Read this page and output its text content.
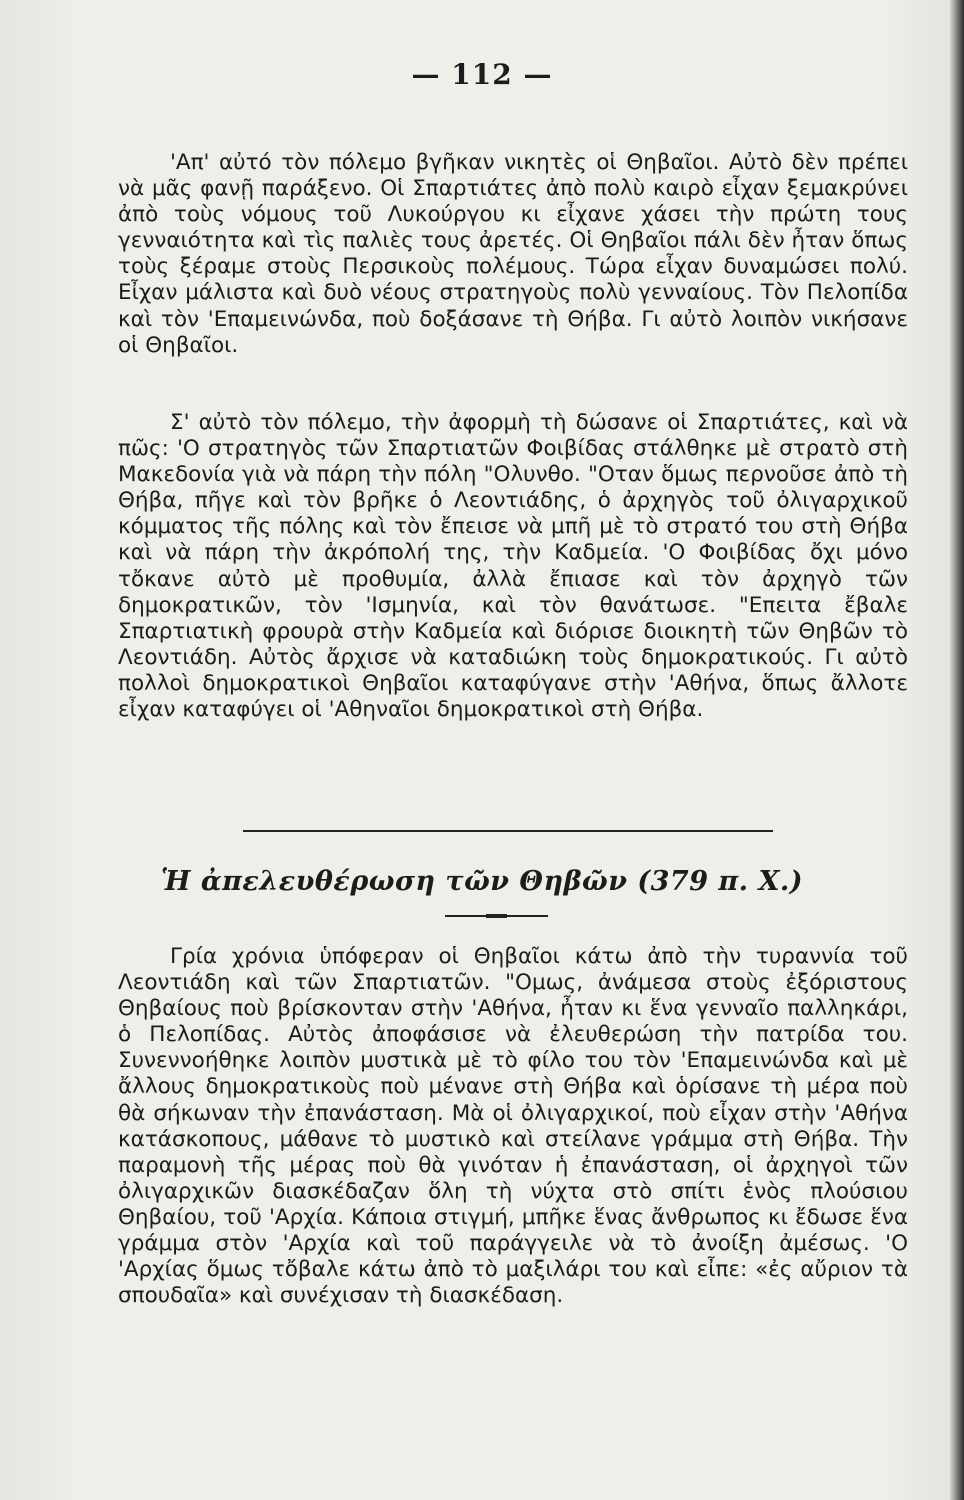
— 112 —

'Απ' αὐτό τὸν πόλεμο βγῆκαν νικητὲς οἱ Θηβαῖοι. Αὐτὸ δὲν πρέπει νὰ μᾶς φανῇ παράξενο. Οἱ Σπαρτιάτες ἀπὸ πολὺ καιρὸ εἶχαν ξεμακρύνει ἀπὸ τοὺς νόμους τοῦ Λυκούργου κι εἶχανε χάσει τὴν πρώτη τους γενναιότητα καὶ τὶς παλιὲς τους ἀρετές. Οἱ Θηβαῖοι πάλι δὲν ἦταν ὅπως τοὺς ξέραμε στοὺς Περσικοὺς πολέμους. Τώρα εἶχαν δυναμώσει πολύ. Εἶχαν μάλιστα καὶ δυὸ νέους στρατηγοὺς πολὺ γενναίους. Τὸν Πελοπίδα καὶ τὸν 'Επαμεινώνδα, ποὺ δοξάσανε τὴ Θήβα. Γι αὐτὸ λοιπὸν νικήσανε οἱ Θηβαῖοι.

Σ' αὐτὸ τὸν πόλεμο, τὴν ἀφορμὴ τὴ δώσανε οἱ Σπαρτιάτες, καὶ νὰ πῶς: 'Ο στρατηγὸς τῶν Σπαρτιατῶν Φοιβίδας στάλθηκε μὲ στρατὸ στὴ Μακεδονία γιὰ νὰ πάρη τὴν πόλη "Ολυνθο. "Οταν ὅμως περνοῦσε ἀπὸ τὴ Θήβα, πῆγε καὶ τὸν βρῆκε ὁ Λεοντιάδης, ὁ ἀρχηγὸς τοῦ ὀλιγαρχικοῦ κόμματος τῆς πόλης καὶ τὸν ἔπεισε νὰ μπῆ μὲ τὸ στρατό του στὴ Θήβα καὶ νὰ πάρη τὴν ἀκρόπολή της, τὴν Καδμεία. 'Ο Φοιβίδας ὄχι μόνο τὄκανε αὐτὸ μὲ προθυμία, ἀλλὰ ἔπιασε καὶ τὸν ἀρχηγὸ τῶν δημοκρατικῶν, τὸν 'Ισμηνία, καὶ τὸν θανάτωσε. "Επειτα ἔβαλε Σπαρτιατικὴ φρουρὰ στὴν Καδμεία καὶ διόρισε διοικητὴ τῶν Θηβῶν τὸ Λεοντιάδη. Αὐτὸς ἄρχισε νὰ καταδιώκη τοὺς δημοκρατικούς. Γι αὐτὸ πολλοὶ δημοκρατικοὶ Θηβαῖοι καταφύγανε στὴν 'Αθήνα, ὅπως ἄλλοτε εἶχαν καταφύγει οἱ 'Αθηναῖοι δημοκρατικοὶ στὴ Θήβα.

Ἡ ἀπελευθέρωση τῶν Θηβῶν (379 π. Χ.)

Γρία χρόνια ὑπόφεραν οἱ Θηβαῖοι κάτω ἀπὸ τὴν τυραννία τοῦ Λεοντιάδη καὶ τῶν Σπαρτιατῶν. "Ομως, ἀνάμεσα στοὺς ἐξόριστους Θηβαίους ποὺ βρίσκονταν στὴν 'Αθήνα, ἦταν κι ἕνα γενναῖο παλληκάρι, ὁ Πελοπίδας. Αὐτὸς ἀποφάσισε νὰ ἐλευθερώση τὴν πατρίδα του. Συνεννοήθηκε λοιπὸν μυστικὰ μὲ τὸ φίλο του τὸν 'Επαμεινώνδα καὶ μὲ ἄλλους δημοκρατικοὺς ποὺ μένανε στὴ Θήβα καὶ ὁρίσανε τὴ μέρα ποὺ θὰ σήκωναν τὴν ἐπανάσταση. Μὰ οἱ ὀλιγαρχικοί, ποὺ εἶχαν στὴν 'Αθήνα κατάσκοπους, μάθανε τὸ μυστικὸ καὶ στείλανε γράμμα στὴ Θήβα. Τὴν παραμονὴ τῆς μέρας ποὺ θὰ γινόταν ἡ ἐπανάσταση, οἱ ἀρχηγοὶ τῶν ὀλιγαρχικῶν διασκέδαζαν ὅλη τὴ νύχτα στὸ σπίτι ἑνὸς πλούσιου Θηβαίου, τοῦ 'Αρχία. Κάποια στιγμή, μπῆκε ἕνας ἄνθρωπος κι ἔδωσε ἕνα γράμμα στὸν 'Αρχία καὶ τοῦ παράγγειλε νὰ τὸ ἀνοίξη ἀμέσως. 'Ο 'Αρχίας ὅμως τὄβαλε κάτω ἀπὸ τὸ μαξιλάρι του καὶ εἶπε: «ἐς αὔριον τὰ σπουδαῖα» καὶ συνέχισαν τὴ διασκέδαση.
